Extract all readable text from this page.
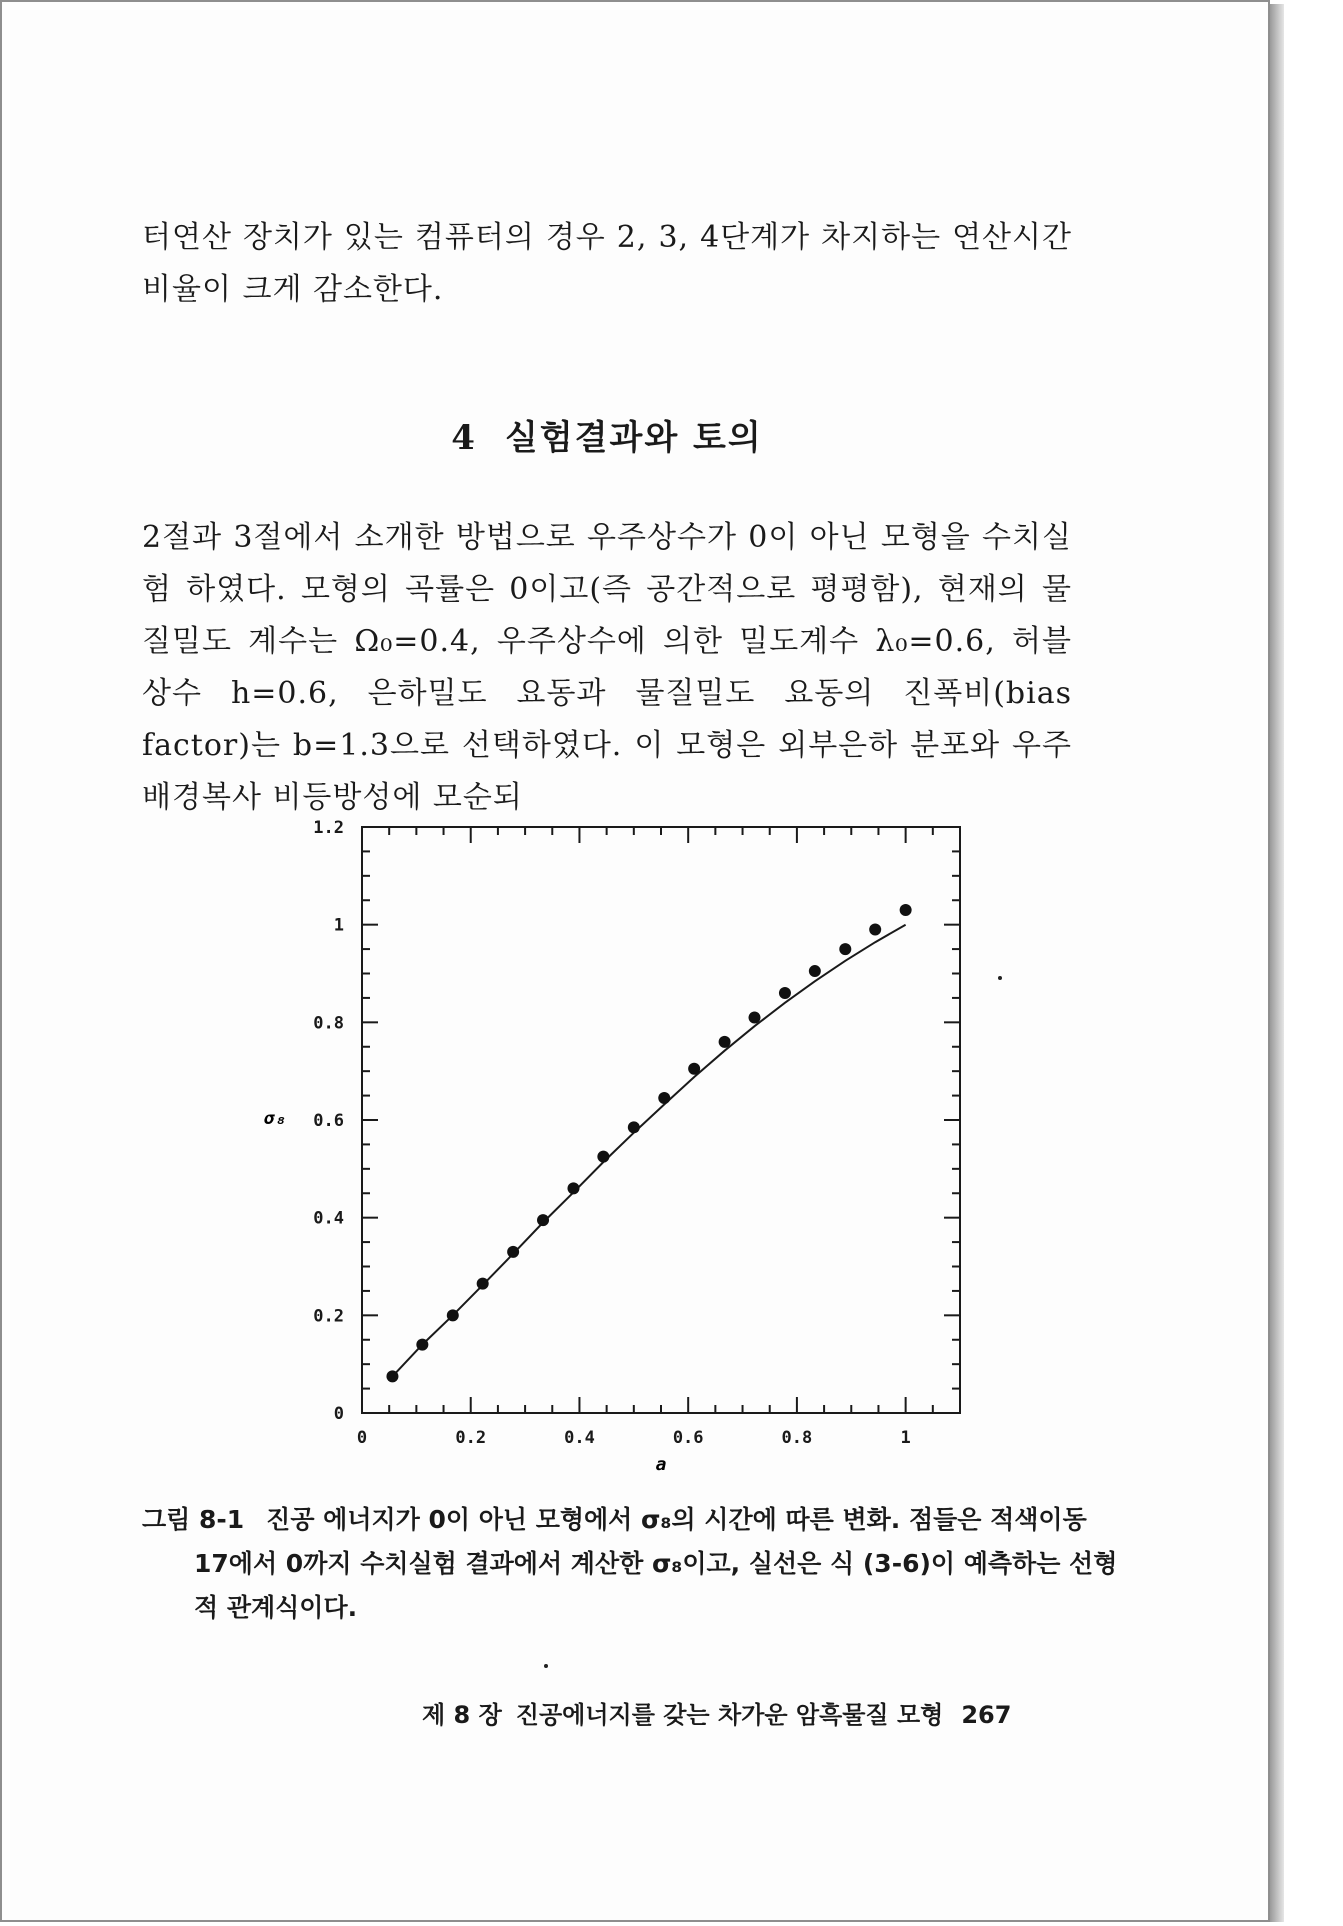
터연산 장치가 있는 컴퓨터의 경우 2, 3, 4단계가 차지하는 연산시간 비율이 크게 감소한다.

4 실험결과와 토의

2절과 3절에서 소개한 방법으로 우주상수가 0이 아닌 모형을 수치실험 하였다. 모형의 곡률은 0이고(즉 공간적으로 평평함), 현재의 물질밀도 계수는 Ω₀=0.4, 우주상수에 의한 밀도계수 λ₀=0.6, 허블 상수 h=0.6, 은하밀도 요동과 물질밀도 요동의 진폭비(bias factor)는 b=1.3으로 선택하였다. 이 모형은 외부은하 분포와 우주 배경복사 비등방성에 모순되

0	0.2	0.4	0.6	0.8	1
0
0.2
0.4
0.6
0.8
1
1.2
a
σ₈

그림 8-1 진공 에너지가 0이 아닌 모형에서 σ₈의 시간에 따른 변화. 점들은 적색이동 17에서 0까지 수치실험 결과에서 계산한 σ₈이고, 실선은 식 (3-6)이 예측하는 선형적 관계식이다.

제 8 장 진공에너지를 갖는 차가운 암흑물질 모형 267
